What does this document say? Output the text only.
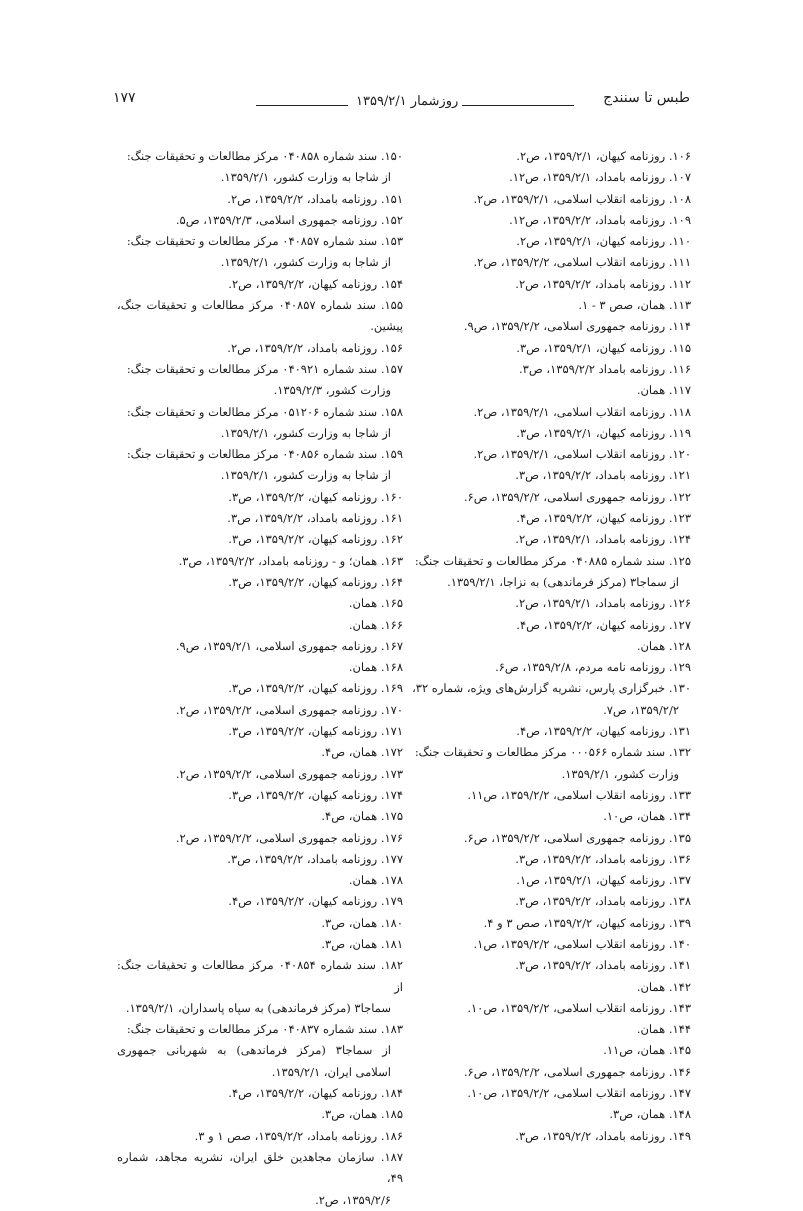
طبس تا سنندج
روزشمار ۱۳۵۹/۲/۱
۱۷۷
۱۰۶. روزنامه کیهان، ۱۳۵۹/۲/۱، ص۲.
۱۰۷. روزنامه بامداد، ۱۳۵۹/۲/۱، ص۱۲.
۱۰۸. روزنامه انقلاب اسلامی، ۱۳۵۹/۲/۱، ص۲.
۱۰۹. روزنامه بامداد، ۱۳۵۹/۲/۲، ص۱۲.
۱۱۰. روزنامه کیهان، ۱۳۵۹/۲/۱، ص۲.
۱۱۱. روزنامه انقلاب اسلامی، ۱۳۵۹/۲/۲، ص۲.
۱۱۲. روزنامه بامداد، ۱۳۵۹/۲/۲، ص۲.
۱۱۳. همان، صص ۳ - ۱.
۱۱۴. روزنامه جمهوری اسلامی، ۱۳۵۹/۲/۲، ص۹.
۱۱۵. روزنامه کیهان، ۱۳۵۹/۲/۱، ص۳.
۱۱۶. روزنامه بامداد ۱۳۵۹/۲/۲، ص۳.
۱۱۷. همان.
۱۱۸. روزنامه انقلاب اسلامی، ۱۳۵۹/۲/۱، ص۲.
۱۱۹. روزنامه کیهان، ۱۳۵۹/۲/۱، ص۳.
۱۲۰. روزنامه انقلاب اسلامی، ۱۳۵۹/۲/۱، ص۲.
۱۲۱. روزنامه بامداد، ۱۳۵۹/۲/۲، ص۳.
۱۲۲. روزنامه جمهوری اسلامی، ۱۳۵۹/۲/۲، ص۶.
۱۲۳. روزنامه کیهان، ۱۳۵۹/۲/۲، ص۴.
۱۲۴. روزنامه بامداد، ۱۳۵۹/۲/۱، ص۲.
۱۲۵. سند شماره ۰۴۰۸۸۵ مرکز مطالعات و تحقیقات جنگ:
از سماجا۳ (مرکز فرماندهی) به نزاجا، ۱۳۵۹/۲/۱.
۱۲۶. روزنامه بامداد، ۱۳۵۹/۲/۱، ص۲.
۱۲۷. روزنامه کیهان، ۱۳۵۹/۲/۲، ص۴.
۱۲۸. همان.
۱۲۹. روزنامه نامه مردم، ۱۳۵۹/۲/۸، ص۶.
۱۳۰. خبرگزاری پارس، نشریه گزارش‌های ویژه، شماره ۳۲،
۱۳۵۹/۲/۲، ص۷.
۱۳۱. روزنامه کیهان، ۱۳۵۹/۲/۲، ص۴.
۱۳۲. سند شماره ۰۰۰۵۶۶ مرکز مطالعات و تحقیقات جنگ:
وزارت کشور، ۱۳۵۹/۲/۱.
۱۳۳. روزنامه انقلاب اسلامی، ۱۳۵۹/۲/۲، ص۱۱.
۱۳۴. همان، ص۱۰.
۱۳۵. روزنامه جمهوری اسلامی، ۱۳۵۹/۲/۲، ص۶.
۱۳۶. روزنامه بامداد، ۱۳۵۹/۲/۲، ص۳.
۱۳۷. روزنامه کیهان، ۱۳۵۹/۲/۱، ص۱.
۱۳۸. روزنامه بامداد، ۱۳۵۹/۲/۲، ص۳.
۱۳۹. روزنامه کیهان، ۱۳۵۹/۲/۲، صص ۳ و ۴.
۱۴۰. روزنامه انقلاب اسلامی، ۱۳۵۹/۲/۲، ص۱.
۱۴۱. روزنامه بامداد، ۱۳۵۹/۲/۲، ص۳.
۱۴۲. همان.
۱۴۳. روزنامه انقلاب اسلامی، ۱۳۵۹/۲/۲، ص۱۰.
۱۴۴. همان.
۱۴۵. همان، ص۱۱.
۱۴۶. روزنامه جمهوری اسلامی، ۱۳۵۹/۲/۲، ص۶.
۱۴۷. روزنامه انقلاب اسلامی، ۱۳۵۹/۲/۲، ص۱۰.
۱۴۸. همان، ص۳.
۱۴۹. روزنامه بامداد، ۱۳۵۹/۲/۲، ص۳.
۱۵۰. سند شماره ۰۴۰۸۵۸ مرکز مطالعات و تحقیقات جنگ:
از شاجا به وزارت کشور، ۱۳۵۹/۲/۱.
۱۵۱. روزنامه بامداد، ۱۳۵۹/۲/۲، ص۲.
۱۵۲. روزنامه جمهوری اسلامی، ۱۳۵۹/۲/۳، ص۵.
۱۵۳. سند شماره ۰۴۰۸۵۷ مرکز مطالعات و تحقیقات جنگ:
از شاجا به وزارت کشور، ۱۳۵۹/۲/۱.
۱۵۴. روزنامه کیهان، ۱۳۵۹/۲/۲، ص۲.
۱۵۵. سند شماره ۰۴۰۸۵۷ مرکز مطالعات و تحقیقات جنگ، پیشین.
۱۵۶. روزنامه بامداد، ۱۳۵۹/۲/۲، ص۲.
۱۵۷. سند شماره ۰۴۰۹۲۱ مرکز مطالعات و تحقیقات جنگ:
وزارت کشور، ۱۳۵۹/۲/۳.
۱۵۸. سند شماره ۰۵۱۲۰۶ مرکز مطالعات و تحقیقات جنگ:
از شاجا به وزارت کشور، ۱۳۵۹/۲/۱.
۱۵۹. سند شماره ۰۴۰۸۵۶ مرکز مطالعات و تحقیقات جنگ:
از شاجا به وزارت کشور، ۱۳۵۹/۲/۱.
۱۶۰. روزنامه کیهان، ۱۳۵۹/۲/۲، ص۳.
۱۶۱. روزنامه بامداد، ۱۳۵۹/۲/۲، ص۳.
۱۶۲. روزنامه کیهان، ۱۳۵۹/۲/۲، ص۳.
۱۶۳. همان؛ و - روزنامه بامداد، ۱۳۵۹/۲/۲، ص۳.
۱۶۴. روزنامه کیهان، ۱۳۵۹/۲/۲، ص۳.
۱۶۵. همان.
۱۶۶. همان.
۱۶۷. روزنامه جمهوری اسلامی، ۱۳۵۹/۲/۱، ص۹.
۱۶۸. همان.
۱۶۹. روزنامه کیهان، ۱۳۵۹/۲/۲، ص۳.
۱۷۰. روزنامه جمهوری اسلامی، ۱۳۵۹/۲/۲، ص۲.
۱۷۱. روزنامه کیهان، ۱۳۵۹/۲/۲، ص۳.
۱۷۲. همان، ص۴.
۱۷۳. روزنامه جمهوری اسلامی، ۱۳۵۹/۲/۲، ص۲.
۱۷۴. روزنامه کیهان، ۱۳۵۹/۲/۲، ص۳.
۱۷۵. همان، ص۴.
۱۷۶. روزنامه جمهوری اسلامی، ۱۳۵۹/۲/۲، ص۲.
۱۷۷. روزنامه بامداد، ۱۳۵۹/۲/۲، ص۳.
۱۷۸. همان.
۱۷۹. روزنامه کیهان، ۱۳۵۹/۲/۲، ص۴.
۱۸۰. همان، ص۳.
۱۸۱. همان، ص۳.
۱۸۲. سند شماره ۰۴۰۸۵۴ مرکز مطالعات و تحقیقات جنگ: از
سماجا۳ (مرکز فرماندهی) به سپاه پاسداران، ۱۳۵۹/۲/۱.
۱۸۳. سند شماره ۰۴۰۸۳۷ مرکز مطالعات و تحقیقات جنگ:
از سماجا۳ (مرکز فرماندهی) به شهربانی جمهوری اسلامی ایران، ۱۳۵۹/۲/۱.
۱۸۴. روزنامه کیهان، ۱۳۵۹/۲/۲، ص۴.
۱۸۵. همان، ص۳.
۱۸۶. روزنامه بامداد، ۱۳۵۹/۲/۲، صص ۱ و ۳.
۱۸۷. سازمان مجاهدین خلق ایران، نشریه مجاهد، شماره ۴۹،
۱۳۵۹/۲/۶، ص۲.
